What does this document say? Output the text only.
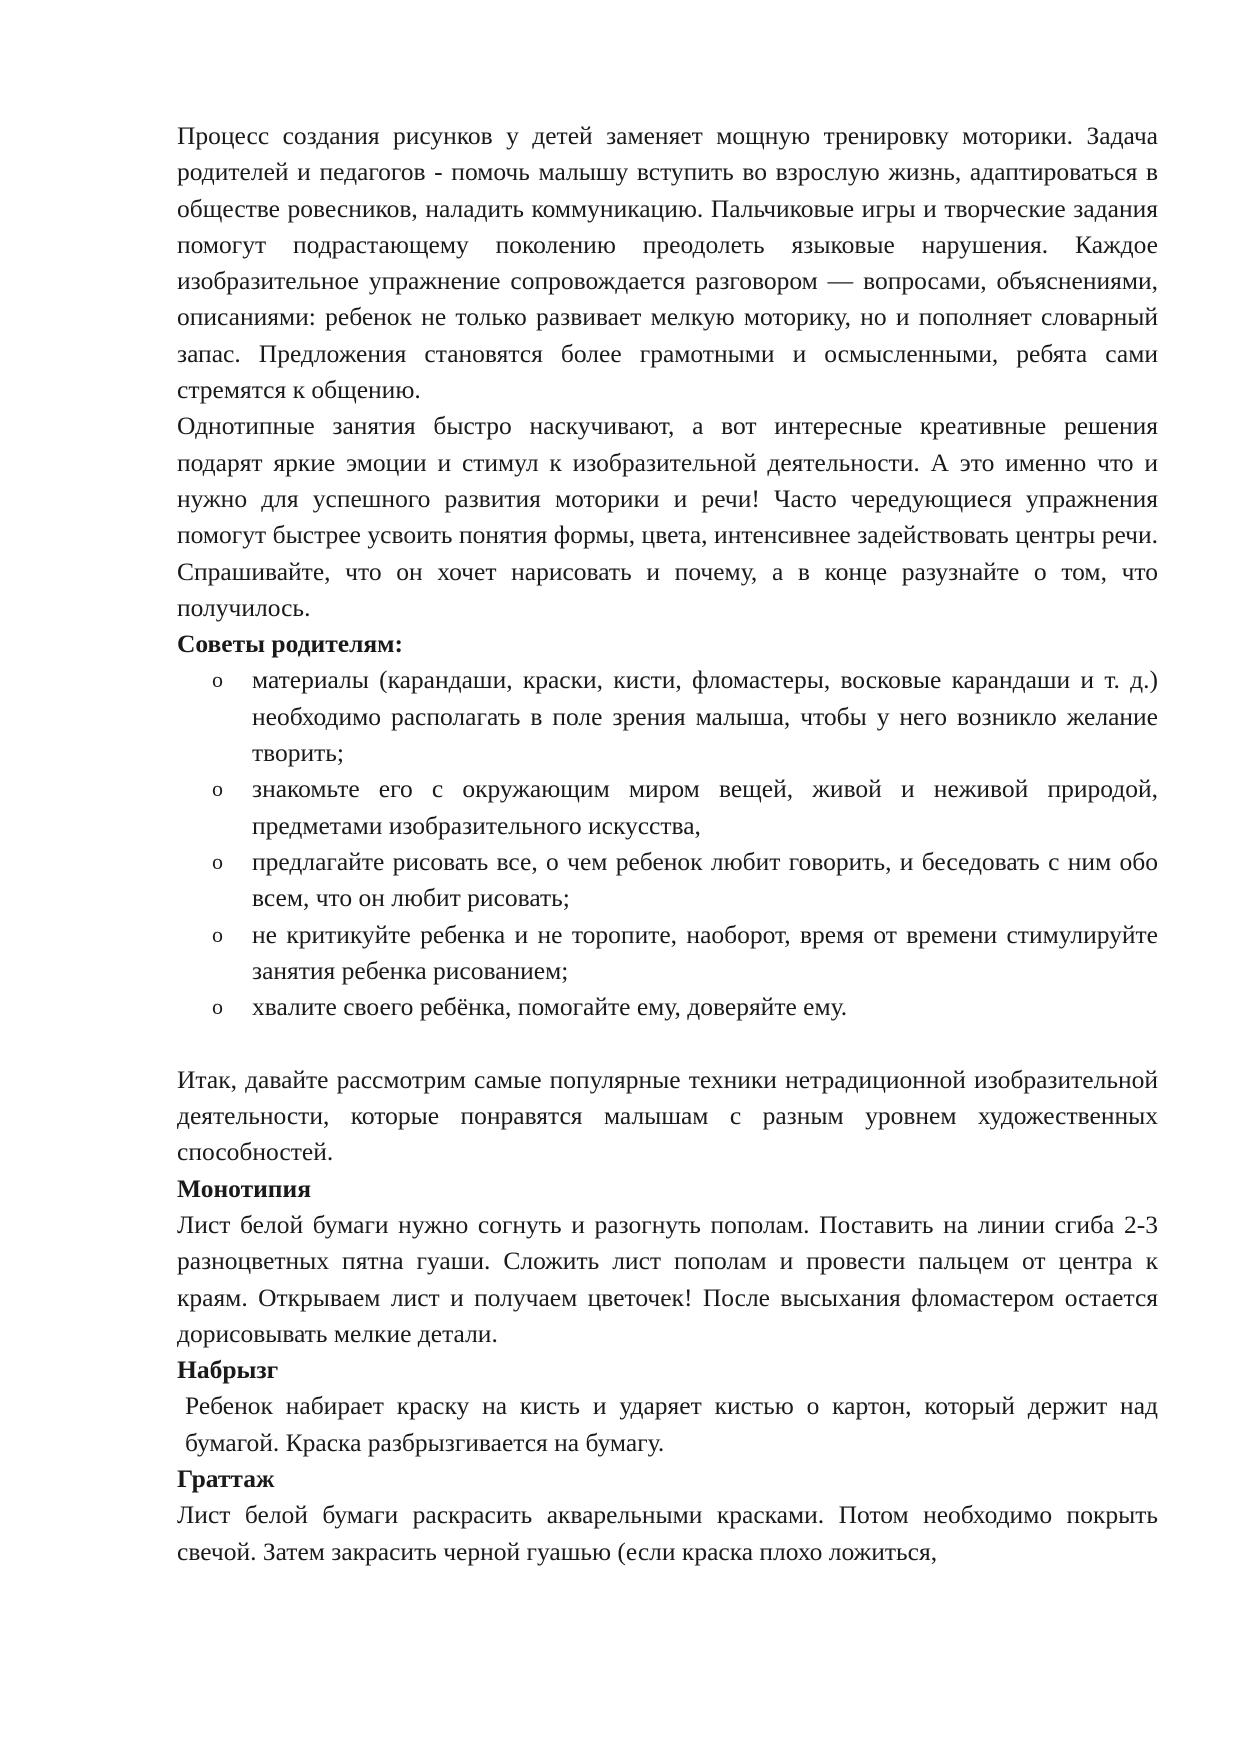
Процесс создания рисунков у детей заменяет мощную тренировку моторики. Задача родителей и педагогов - помочь малышу вступить во взрослую жизнь, адаптироваться в обществе ровесников, наладить коммуникацию. Пальчиковые игры и творческие задания помогут подрастающему поколению преодолеть языковые нарушения. Каждое изобразительное упражнение сопровождается разговором — вопросами, объяснениями, описаниями: ребенок не только развивает мелкую моторику, но и пополняет словарный запас. Предложения становятся более грамотными и осмысленными, ребята сами стремятся к общению.

Однотипные занятия быстро наскучивают, а вот интересные креативные решения подарят яркие эмоции и стимул к изобразительной деятельности. А это именно что и нужно для успешного развития моторики и речи! Часто чередующиеся упражнения помогут быстрее усвоить понятия формы, цвета, интенсивнее задействовать центры речи. Спрашивайте, что он хочет нарисовать и почему, а в конце разузнайте о том, что получилось.

Советы родителям:

o материалы (карандаши, краски, кисти, фломастеры, восковые карандаши и т. д.) необходимо располагать в поле зрения малыша, чтобы у него возникло желание творить;
o знакомьте его с окружающим миром вещей, живой и неживой природой, предметами изобразительного искусства,
o предлагайте рисовать все, о чем ребенок любит говорить, и беседовать с ним обо всем, что он любит рисовать;
o не критикуйте ребенка и не торопите, наоборот, время от времени стимулируйте занятия ребенка рисованием;
o хвалите своего ребёнка, помогайте ему, доверяйте ему.

Итак, давайте рассмотрим самые популярные техники нетрадиционной изобразительной деятельности, которые понравятся малышам с разным уровнем художественных способностей.

Монотипия

Лист белой бумаги нужно согнуть и разогнуть пополам. Поставить на линии сгиба 2-3 разноцветных пятна гуаши. Сложить лист пополам и провести пальцем от центра к краям. Открываем лист и получаем цветочек! После высыхания фломастером остается дорисовывать мелкие детали.

Набрызг

Ребенок набирает краску на кисть и ударяет кистью о картон, который держит над бумагой. Краска разбрызгивается на бумагу.

Граттаж

Лист белой бумаги раскрасить акварельными красками. Потом необходимо покрыть свечой. Затем закрасить черной гуашью (если краска плохо ложиться,
